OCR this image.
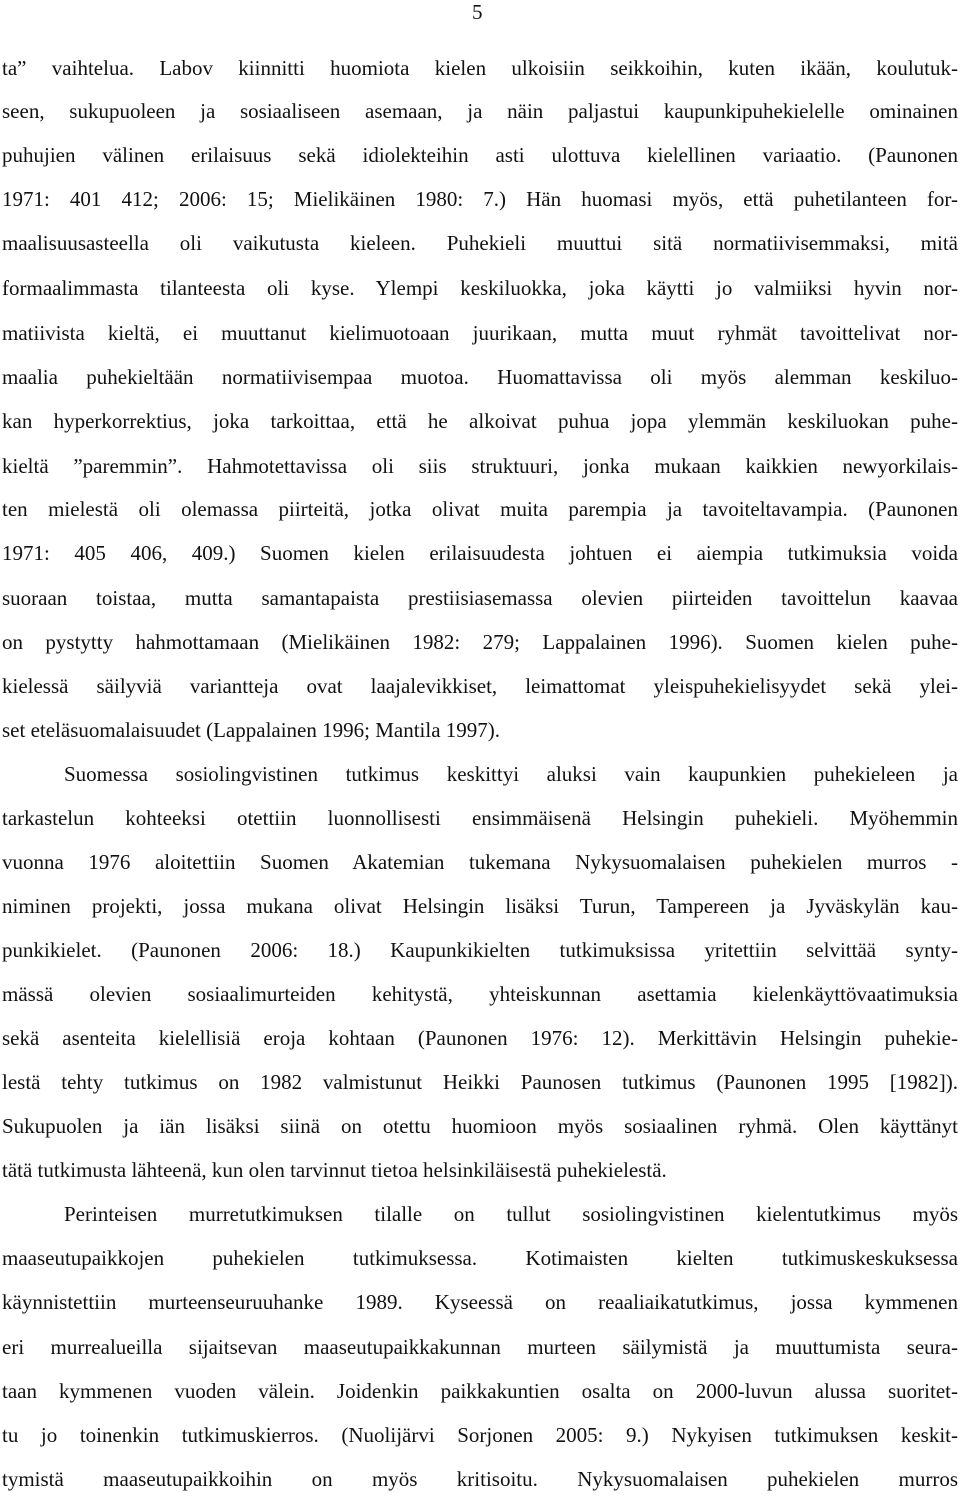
5
ta” vaihtelua. Labov kiinnitti huomiota kielen ulkoisiin seikkoihin, kuten ikään, koulutuk-
seen, sukupuoleen ja sosiaaliseen asemaan, ja näin paljastui kaupunkipuhekielelle ominainen
puhujien välinen erilaisuus sekä idiolekteihin asti ulottuva kielellinen variaatio. (Paunonen
1971: 401 412; 2006: 15; Mielikäinen 1980: 7.) Hän huomasi myös, että puhetilanteen for-
maalisuusasteella oli vaikutusta kieleen. Puhekieli muuttui sitä normatiivisemmaksi, mitä
formaalimmasta tilanteesta oli kyse. Ylempi keskiluokka, joka käytti jo valmiiksi hyvin nor-
matiivista kieltä, ei muuttanut kielimuotoaan juurikaan, mutta muut ryhmät tavoittelivat nor-
maalia puhekieltään normatiivisempaa muotoa. Huomattavissa oli myös alemman keskiluo-
kan hyperkorrektius, joka tarkoittaa, että he alkoivat puhua jopa ylemmän keskiluokan puhe-
kieltä ”paremmin”. Hahmotettavissa oli siis struktuuri, jonka mukaan kaikkien newyorkilais-
ten mielestä oli olemassa piirteitä, jotka olivat muita parempia ja tavoiteltavampia. (Paunonen
1971: 405 406, 409.) Suomen kielen erilaisuudesta johtuen ei aiempia tutkimuksia voida
suoraan toistaa, mutta samantapaista prestiisiasemassa olevien piirteiden tavoittelun kaavaa
on pystytty hahmottamaan (Mielikäinen 1982: 279; Lappalainen 1996). Suomen kielen puhe-
kielessä säilyviä variantteja ovat laajalevikkiset, leimattomat yleispuhekielisyydet sekä ylei-
set eteläsuomalaisuudet (Lappalainen 1996; Mantila 1997).
Suomessa sosiolingvistinen tutkimus keskittyi aluksi vain kaupunkien puhekieleen ja
tarkastelun kohteeksi otettiin luonnollisesti ensimmäisenä Helsingin puhekieli. Myöhemmin
vuonna 1976 aloitettiin Suomen Akatemian tukemana Nykysuomalaisen puhekielen murros -
niminen projekti, jossa mukana olivat Helsingin lisäksi Turun, Tampereen ja Jyväskylän kau-
punkikielet. (Paunonen 2006: 18.) Kaupunkikielten tutkimuksissa yritettiin selvittää synty-
mässä olevien sosiaalimurteiden kehitystä, yhteiskunnan asettamia kielenkäyttövaatimuksia
sekä asenteita kielellisiä eroja kohtaan (Paunonen 1976: 12). Merkittävin Helsingin puhekie-
lestä tehty tutkimus on 1982 valmistunut Heikki Paunosen tutkimus (Paunonen 1995 [1982]).
Sukupuolen ja iän lisäksi siinä on otettu huomioon myös sosiaalinen ryhmä. Olen käyttänyt
tätä tutkimusta lähteenä, kun olen tarvinnut tietoa helsinkiläisestä puhekielestä.
Perinteisen murretutkimuksen tilalle on tullut sosiolingvistinen kielentutkimus myös
maaseutupaikkojen puhekielen tutkimuksessa. Kotimaisten kielten tutkimuskeskuksessa
käynnistettiin murteenseuruuhanke 1989. Kyseessä on reaaliaikatutkimus, jossa kymmenen
eri murrealueilla sijaitsevan maaseutupaikkakunnan murteen säilymistä ja muuttumista seura-
taan kymmenen vuoden välein. Joidenkin paikkakuntien osalta on 2000-luvun alussa suoritet-
tu jo toinenkin tutkimuskierros. (Nuolijärvi Sorjonen 2005: 9.) Nykyisen tutkimuksen keskit-
tymistä maaseutupaikkoihin on myös kritisoitu. Nykysuomalaisen puhekielen murros
